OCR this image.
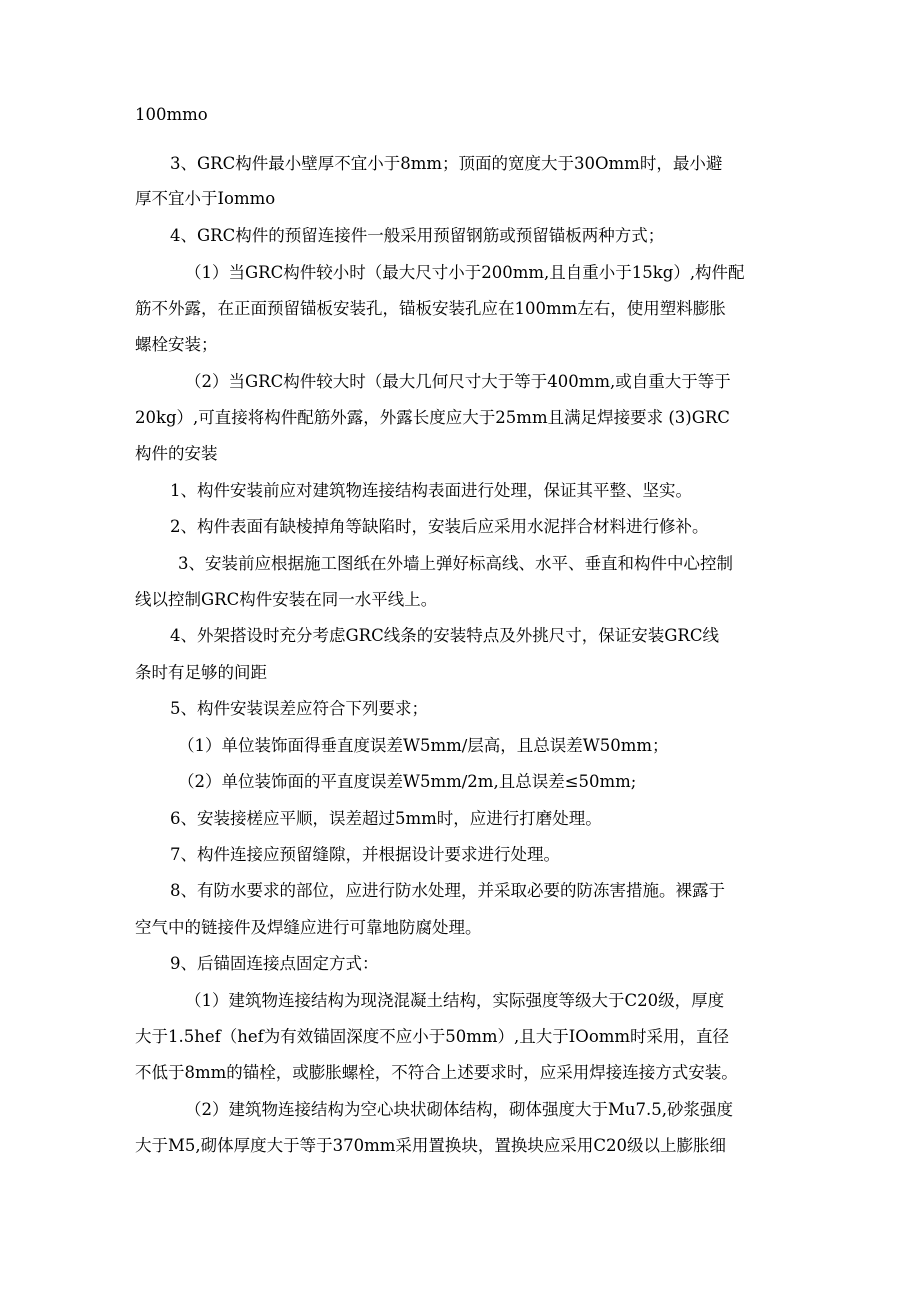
100mmo
3、GRC构件最小壁厚不宜小于8mm；顶面的宽度大于30Omm时，最小避
厚不宜小于Iommo
4、GRC构件的预留连接件一般采用预留钢筋或预留锚板两种方式；
（1）当GRC构件较小时（最大尺寸小于200mm,且自重小于15kg）,构件配
筋不外露，在正面预留锚板安装孔，锚板安装孔应在100mm左右，使用塑料膨胀
螺栓安装；
（2）当GRC构件较大时（最大几何尺寸大于等于400mm,或自重大于等于
20kg）,可直接将构件配筋外露，外露长度应大于25mm且满足焊接要求 (3)GRC
构件的安装
1、构件安装前应对建筑物连接结构表面进行处理，保证其平整、坚实。
2、构件表面有缺棱掉角等缺陷时，安装后应采用水泥拌合材料进行修补。
3、安装前应根据施工图纸在外墙上弹好标高线、水平、垂直和构件中心控制
线以控制GRC构件安装在同一水平线上。
4、外架搭设时充分考虑GRC线条的安装特点及外挑尺寸，保证安装GRC线
条时有足够的间距
5、构件安装误差应符合下列要求；
（1）单位装饰面得垂直度误差W5mm∕层高，且总误差W50mm；
（2）单位装饰面的平直度误差W5mm∕2m,且总误差≤50mm;
6、安装接槎应平顺，误差超过5mm时，应进行打磨处理。
7、构件连接应预留缝隙，并根据设计要求进行处理。
8、有防水要求的部位，应进行防水处理，并采取必要的防冻害措施。裸露于
空气中的链接件及焊缝应进行可靠地防腐处理。
9、后锚固连接点固定方式：
（1）建筑物连接结构为现浇混凝土结构，实际强度等级大于C20级，厚度
大于1.5hef（hef为有效锚固深度不应小于50mm）,且大于IOomm时采用，直径
不低于8mm的锚栓，或膨胀螺栓，不符合上述要求时，应采用焊接连接方式安装。
（2）建筑物连接结构为空心块状砌体结构，砌体强度大于Mu7.5,砂浆强度
大于M5,砌体厚度大于等于370mm采用置换块，置换块应采用C20级以上膨胀细
